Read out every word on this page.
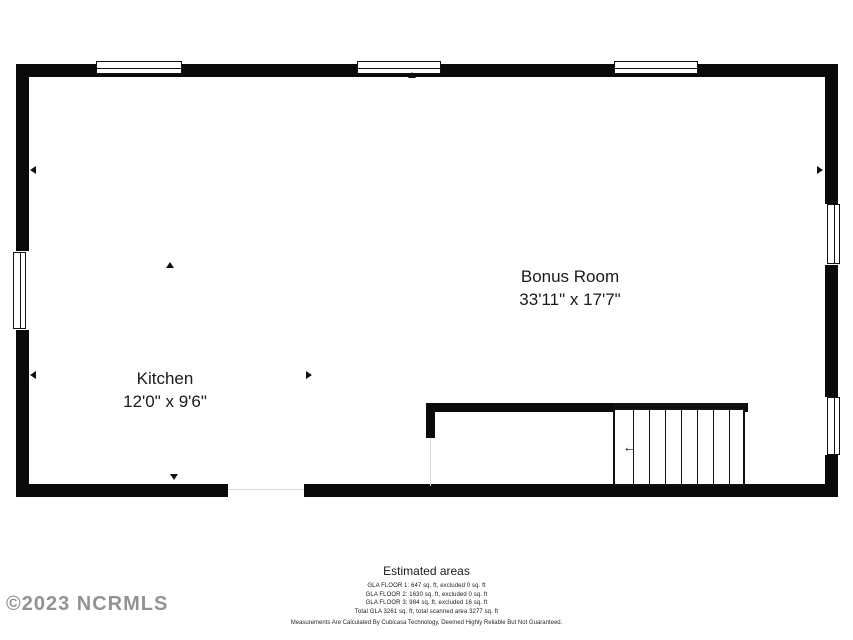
←
Bonus Room
33'11" x 17'7"
Kitchen
12'0" x 9'6"
Estimated areas
GLA FLOOR 1: 647 sq. ft, excluded 0 sq. ft
GLA FLOOR 2: 1630 sq. ft, excluded 0 sq. ft
GLA FLOOR 3: 984 sq. ft, excluded 16 sq. ft
Total GLA 3261 sq. ft, total scanned area 3277 sq. ft
Measurements Are Calculated By Cubicasa Technology, Deemed Highly Reliable But Not Guaranteed.
©2023 NCRMLS
